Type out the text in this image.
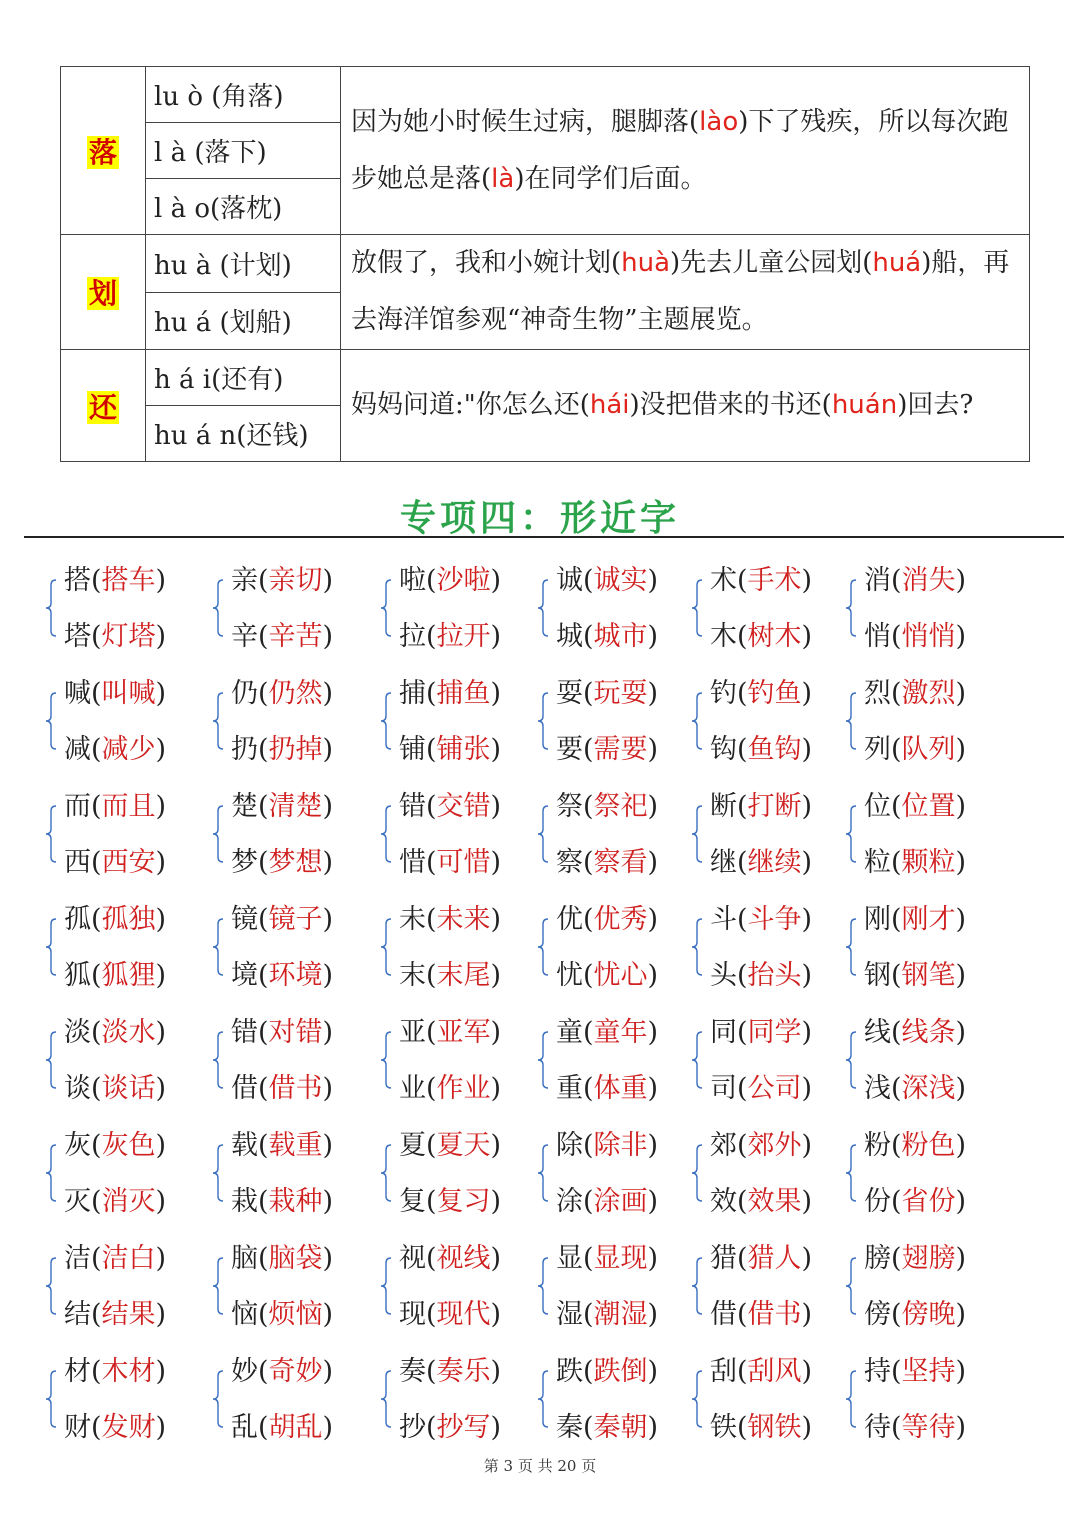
落	lu ò (角落)	因为她小时候生过病，腿脚落(lào)下了残疾，所以每次跑步她总是落(là)在同学们后面。
	l à (落下)	
	l à o(落枕)	
划	hu à (计划)	放假了，我和小婉计划(huà)先去儿童公园划(huá)船，再去海洋馆参观“神奇生物”主题展览。
	hu á (划船)	
还	h á i(还有)	妈妈问道:"你怎么还(hái)没把借来的书还(huán)回去?
	hu á n(还钱)	
专项四：形近字
搭(搭车)
塔(灯塔)
亲(亲切)
辛(辛苦)
啦(沙啦)
拉(拉开)
诚(诚实)
城(城市)
术(手术)
木(树木)
消(消失)
悄(悄悄)
喊(叫喊)
减(减少)
仍(仍然)
扔(扔掉)
捕(捕鱼)
铺(铺张)
耍(玩耍)
要(需要)
钓(钓鱼)
钩(鱼钩)
烈(激烈)
列(队列)
而(而且)
西(西安)
楚(清楚)
梦(梦想)
错(交错)
惜(可惜)
祭(祭祀)
察(察看)
断(打断)
继(继续)
位(位置)
粒(颗粒)
孤(孤独)
狐(狐狸)
镜(镜子)
境(环境)
未(未来)
末(末尾)
优(优秀)
忧(忧心)
斗(斗争)
头(抬头)
刚(刚才)
钢(钢笔)
淡(淡水)
谈(谈话)
错(对错)
借(借书)
亚(亚军)
业(作业)
童(童年)
重(体重)
同(同学)
司(公司)
线(线条)
浅(深浅)
灰(灰色)
灭(消灭)
载(载重)
栽(栽种)
夏(夏天)
复(复习)
除(除非)
涂(涂画)
郊(郊外)
效(效果)
粉(粉色)
份(省份)
洁(洁白)
结(结果)
脑(脑袋)
恼(烦恼)
视(视线)
现(现代)
显(显现)
湿(潮湿)
猎(猎人)
借(借书)
膀(翅膀)
傍(傍晚)
材(木材)
财(发财)
妙(奇妙)
乱(胡乱)
奏(奏乐)
抄(抄写)
跌(跌倒)
秦(秦朝)
刮(刮风)
铁(钢铁)
持(坚持)
待(等待)
第 3 页 共 20 页
